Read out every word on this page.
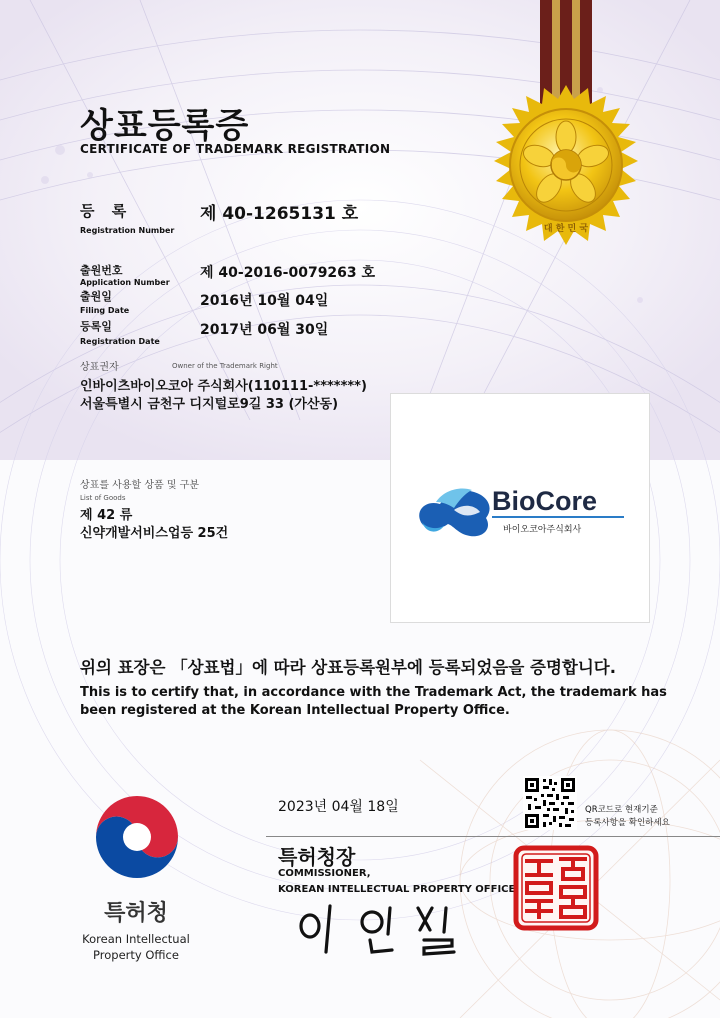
대 한 민 국
상표등록증
CERTIFICATE OF TRADEMARK REGISTRATION
등 록
Registration Number
제 40-1265131 호
출원번호
Application Number
제 40-2016-0079263 호
출원일
Filing Date
2016년 10월 04일
등록일
Registration Date
2017년 06월 30일
상표권자	Owner of the Trademark Right
인바이츠바이오코아 주식회사(110111-*******)
서울특별시 금천구 디지털로9길 33 (가산동)
상표를 사용할 상품 및 구분
List of Goods
제 42 류
신약개발서비스업등 25건
BioCore
바이오코아주식회사
위의 표장은 「상표법」에 따라 상표등록원부에 등록되었음을 증명합니다.
This is to certify that, in accordance with the Trademark Act, the trademark has been registered at the Korean Intellectual Property Office.
2023년 04월 18일	QR코드로 현재기준
등록사항을 확인하세요
특허청장
COMMISSIONER,
KOREAN INTELLECTUAL PROPERTY OFFICE
특허청
Korean Intellectual
Property Office
